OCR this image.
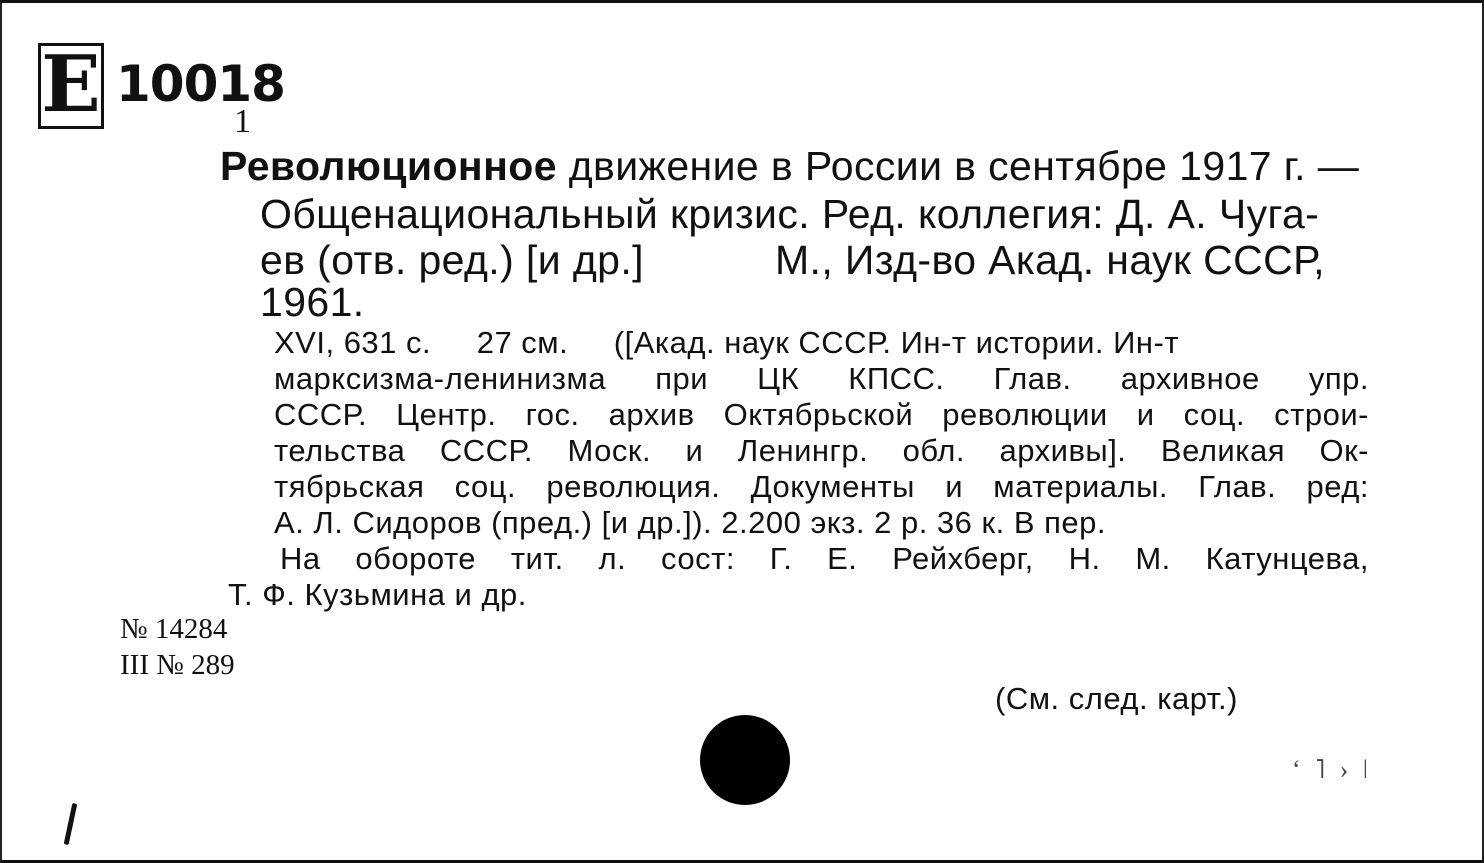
E 10018
1
Революционное движение в России в сентябре 1917 г. —
Общенациональный кризис. Ред. коллегия: Д. А. Чуга-
ев (отв. ред.) [и др.]	М., Изд-во Акад. наук СССР,
1961.
XVI, 631 с.     27 см.     ([Акад. наук СССР. Ин-т истории. Ин-т
марксизма-ленинизма при ЦК КПСС. Глав. архивное упр.
СССР. Центр. гос. архив Октябрьской революции и соц. строи-
тельства СССР. Моск. и Ленингр. обл. архивы]. Великая Ок-
тябрьская соц. революция. Документы и материалы. Глав. ред:
А. Л. Сидоров (пред.) [и др.]). 2.200 экз. 2 р. 36 к. В пер.
На обороте тит. л. сост: Г. Е. Рейхберг, Н. М. Катунцева,
Т. Ф. Кузьмина и др.
№ 14284
III № 289
(См. след. карт.)
ʻ ˥ › ǀ
